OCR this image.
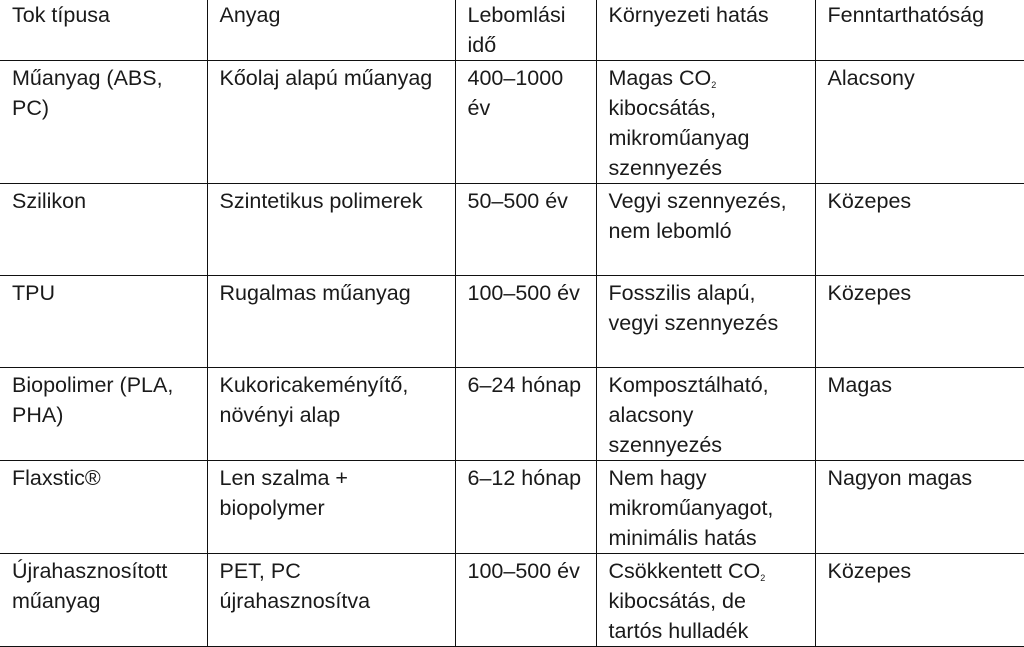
Tok típusa	Anyag	Lebomlási idő	Környezeti hatás	Fenntarthatóság
Műanyag (ABS, PC)	Kőolaj alapú műanyag	400–1000 év	Magas $CO_2$ kibocsátás, mikroműanyag szennyezés	Alacsony
Szilikon	Szintetikus polimerek	50–500 év	Vegyi szennyezés, nem lebomló	Közepes
TPU	Rugalmas műanyag	100–500 év	Fosszilis alapú, vegyi szennyezés	Közepes
Biopolimer (PLA, PHA)	Kukoricakeményítő, növényi alap	6–24 hónap	Komposztálható, alacsony szennyezés	Magas
Flaxstic®	Len szalma + biopolymer	6–12 hónap	Nem hagy mikroműanyagot, minimális hatás	Nagyon magas
Újrahasznosított műanyag	PET, PC újrahasznosítva	100–500 év	Csökkentett $CO_2$ kibocsátás, de tartós hulladék	Közepes
